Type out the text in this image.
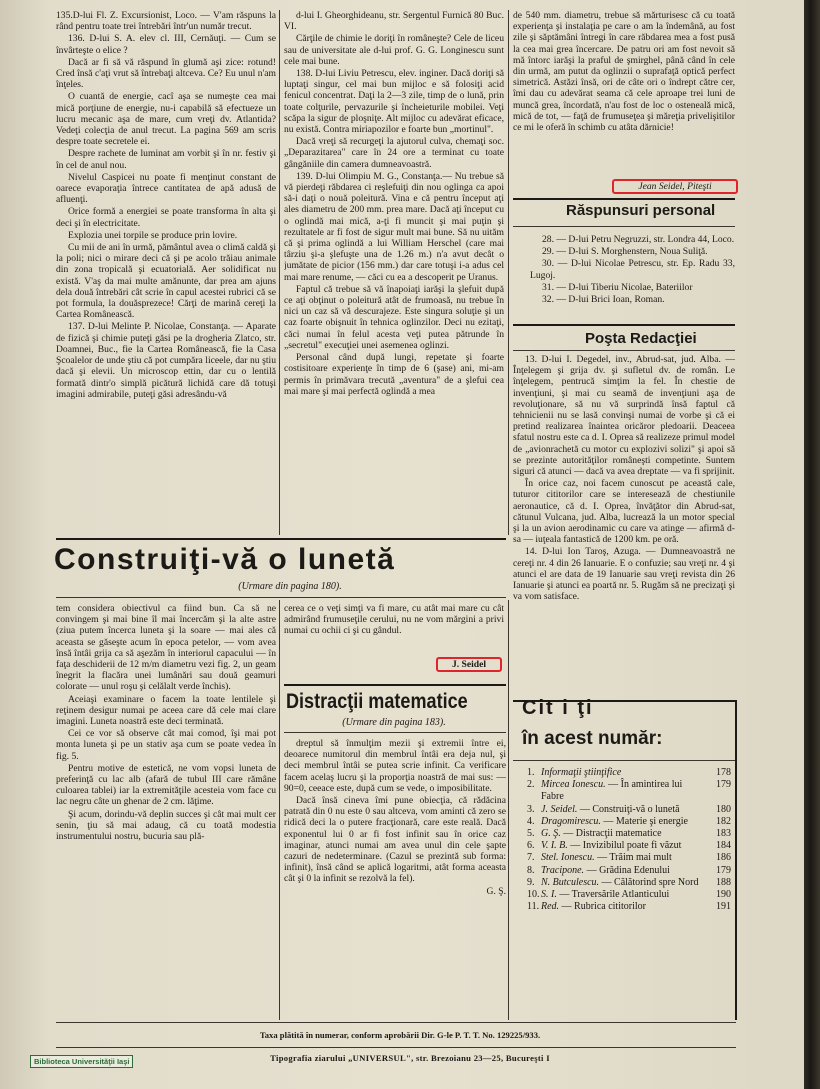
135.D-lui Fl. Z. Excursionist, Loco. — V'am răspuns la rând pentru toate trei întrebări într'un număr trecut.

136. D-lui S. A. elev cl. III, Cernăuţi. — Cum se învârteşte o elice ?

Dacă ar fi să vă răspund în glumă aşi zice: rotund! Cred însă c'aţi vrut să întrebaţi altceva. Ce? Eu unul n'am înţeles.

O cuantă de energie, cacî aşa se numeşte cea mai mică porţiune de energie, nu-i capabilă să efectueze un lucru mecanic aşa de mare, cum vreţi dv. Atlantida? Vedeţi colecţia de anul trecut. La pagina 569 am scris despre toate secretele ei.

Despre rachete de luminat am vorbit şi în nr. festiv şi în cel de anul nou.

Nivelul Caspicei nu poate fi menţinut constant de oarece evaporaţia întrece cantitatea de apă adusă de afluenţi.

Orice formă a energiei se poate transforma în alta şi deci şi în electricitate.

Explozia unei torpile se produce prin lovire.

Cu mii de ani în urmă, pământul avea o climă caldă şi la poli; nici o mirare deci că şi pe acolo trăiau animale din zona tropicală şi ecuatorială. Aer solidificat nu există. V'aş da mai multe amănunte, dar prea am ajuns dela două întrebări cât scrie în capul acestei rubrici că se pot formula, la douăsprezece! Cărţi de marină cereţi la Cartea Românească.

137. D-lui Melinte P. Nicolae, Constanţa. — Aparate de fizică şi chimie puteţi găsi pe la drogheria Zlatco, str. Doamnei, Buc., fie la Cartea Românească, fie la Casa Şcoalelor de unde ştiu că pot cumpăra liceele, dar nu ştiu dacă şi elevii. Un microscop ettin, dar cu o lentilă formată dintr'o simplă picătură lichidă care dă totuşi imagini admirabile, puteţi găsi adresându-vă

d-lui I. Gheorghideanu, str. Sergentul Furnică 80 Buc. VI.

Cărţile de chimie le doriţi în româneşte? Cele de liceu sau de universitate ale d-lui prof. G. G. Longinescu sunt cele mai bune.

138. D-lui Liviu Petrescu, elev. inginer. Dacă doriţi să luptaţi singur, cel mai bun mijloc e să folosiţi acid fenicul concentrat. Daţi la 2—3 zile, timp de o lună, prin toate colţurile, pervazurile şi încheieturile mobilei. Veţi scăpa la sigur de ploşniţe. Alt mijloc cu adevărat eficace, nu există. Contra miriapozilor e foarte bun „mortinul".

Dacă vreţi să recurgeţi la ajutorul culva, chemaţi soc. „Deparazitarea" care în 24 ore a terminat cu toate gângăniile din camera dumneavoastră.

139. D-lui Olimpiu M. G., Constanţa.— Nu trebue să vă pierdeţi răbdarea ci reşlefuiţi din nou oglinga ca apoi să-i daţi o nouă poleitură. Vina e că pentru început aţi ales diametru de 200 mm. prea mare. Dacă aţi început cu o oglindă mai mică, a-ţi fi muncit şi mai puţin şi rezultatele ar fi fost de sigur mult mai bune. Să nu uităm că şi prima oglindă a lui William Herschel (care mai târziu şi-a şlefuşte una de 1.26 m.) n'a avut decât o jumătate de picior (156 mm.) dar care totuşi i-a adus cel mai mare renume, — căci cu ea a descoperit pe Uranus.

Faptul că trebue să vă înapoiaţi iarăşi la şlefuit după ce aţi obţinut o poleitură atât de frumoasă, nu trebue în nici un caz să vă descurajeze. Este singura soluţie şi un caz foarte obişnuit în tehnica oglinzilor. Deci nu ezitaţi, căci numai în felul acesta veţi putea pătrunde în „secretul" execuţiei unei asemenea oglinzi.

Personal când după lungi, repetate şi foarte costisitoare experienţe în timp de 6 (şase) ani, mi-am permis în primăvara trecută „aventura" de a şlefui cea mai mare şi mai perfectă oglindă a mea

de 540 mm. diametru, trebue să mărturisesc că cu toată experienţa şi instalaţia pe care o am la îndemână, au fost zile şi săptămâni întregi în care răbdarea mea a fost pusă la cea mai grea încercare. De patru ori am fost nevoit să mă întorc iarăşi la praful de şmirghel, până când în cele din urmă, am putut da oglinzii o suprafaţă optică perfect simetrică. Astăzi însă, ori de câte ori o îndrept către cer, îmi dau cu adevărat seama că cele aproape trei luni de muncă grea, încordată, n'au fost de loc o osteneală mică, mică de tot, — faţă de frumuseţea şi măreţia privelişitilor ce mi le oferă în schimb cu atâta dărnicie!

Jean Seidel, Piteşti
Răspunsuri personal

28. — D-lui Petru Negruzzi, str. Londra 44, Loco.

29. — D-lui S. Morghenstern, Noua Suliţă.

30. — D-lui Nicolae Petrescu, str. Ep. Radu 33, Lugoj.

31. — D-lui Tiberiu Nicolae, Bateriilor

32. — D-lui Brici Ioan, Roman.

Poşta Redacţiei

13. D-lui I. Degedel, inv., Abrud-sat, jud. Alba. — Înţelegem şi grija dv. şi sufletul dv. de român. Le înţelegem, pentrucă simţim la fel. În chestie de invenţiuni, şi mai cu seamă de invenţiuni aşa de revoluţionare, să nu vă surprindă însă faptul că tehnicienii nu se lasă convinşi numai de vorbe şi că ei pretind realizarea înaintea oricăror pledoarii. Deaceea sfatul nostru este ca d. I. Oprea să realizeze primul model de „avionrachetă cu motor cu explozivi solizi" şi apoi să se prezinte autorităţilor româneşti competinte. Suntem siguri că atunci — dacă va avea dreptate — va fi sprijinit.

În orice caz, noi facem cunoscut pe această cale, tuturor cititorilor care se interesează de chestiunile aeronautice, că d. I. Oprea, învăţător din Abrud-sat, cătunul Vulcana, jud. Alba, lucrează la un motor special şi la un avion aerodinamic cu care va atinge — afirmă d-sa — iuţeala fantastică de 1200 km. pe oră.

14. D-lui Ion Taroş, Azuga. — Dumneavoastră ne cereţi nr. 4 din 26 Ianuarie. E o confuzie; sau vreţi nr. 4 şi atunci el are data de 19 Ianuarie sau vreţi revista din 26 Ianuarie şi atunci ea poartă nr. 5. Rugăm să ne precizaţi şi va vom satisface.

Construiţi-vă o lunetă
(Urmare din pagina 180).

tem considera obiectivul ca fiind bun. Ca să ne convingem şi mai bine îl mai încercăm şi la alte astre (ziua putem încerca luneta şi la soare — mai ales că aceasta se găseşte acum în epoca petelor, — vom avea însă întâi grija ca să aşezăm în interiorul capacului — în faţa deschiderii de 12 m/m diametru vezi fig. 2, un geam înegrit la flacăra unei lumânări sau două geamuri colorate — unul roşu şi celălalt verde închis).

Aceiaşi examinare o facem la toate lentilele şi reţinem desigur numai pe aceea care dă cele mai clare imagini. Luneta noastră este deci terminată.

Cei ce vor să observe cât mai comod, îşi mai pot monta luneta şi pe un stativ aşa cum se poate vedea în fig. 5.

Pentru motive de estetică, ne vom vopsi luneta de preferinţă cu lac alb (afară de tubul III care rămâne culoarea tablei) iar la extremităţile acesteia vom face cu lac negru câte un ghenar de 2 cm. lăţime.

Şi acum, dorindu-vă deplin succes şi cât mai mult cer senin, ţiu să mai adaug, că cu toată modestia instrumentului nostru, bucuria sau plă-

cerea ce o veţi simţi va fi mare, cu atât mai mare cu cât admirând frumuseţile cerului, nu ne vom mărgini a privi numai cu ochii ci şi cu gândul.

J. Seidel
Distracţii matematice
(Urmare din pagina 183).

dreptul să înmulţim mezii şi extremii între ei, deoarece numitorul din membrul întâi era deja nul, şi deci membrul întâi se putea scrie infinit. Ca verificare facem acelaş lucru şi la proporţia noastră de mai sus: —90=0, ceeace este, după cum se vede, o imposibilitate.

Dacă însă cineva îmi pune obiecţia, că rădăcina patrată din 0 nu este 0 sau altceva, vom aminti că zero se ridică deci la o putere fracţionară, care este reală. Dacă exponentul lui 0 ar fi fost infinit sau în orice caz imaginar, atunci numai am avea unul din cele şapte cazuri de nedeterminare. (Cazul se prezintă sub forma: infinit), însă când se aplică logaritmi, atât forma aceasta cât şi 0 la infinit se rezolvă la fel).

G. Ş.

Cit i ţi
în acest număr:
1. Informaţii ştiinţifice	178
2. Mircea Ionescu. — În amintirea lui Fabre
179
3. J. Seidel. — Construiţi-vă o lunetă	180
4. Dragomirescu. — Materie şi energie	182
5. G. Ş. — Distracţii matematice	183
6. V. I. B. — Invizibilul poate fi văzut	184
7. Stel. Ionescu. — Trăim mai mult	186
8. Tracipone. — Grădina Edenului	179
9. N. Butculescu. — Călătorind spre Nord	188
10. S. I. — Traversările Atlanticului	190
11. Red. — Rubrica cititorilor	191
Taxa plătită în numerar, conform aprobării Dir. G-le P. T. T. No. 129225/933.
Tipografia ziarului „UNIVERSUL", str. Brezoianu 23—25, Bucureşti I
Biblioteca Universităţii Iaşi
